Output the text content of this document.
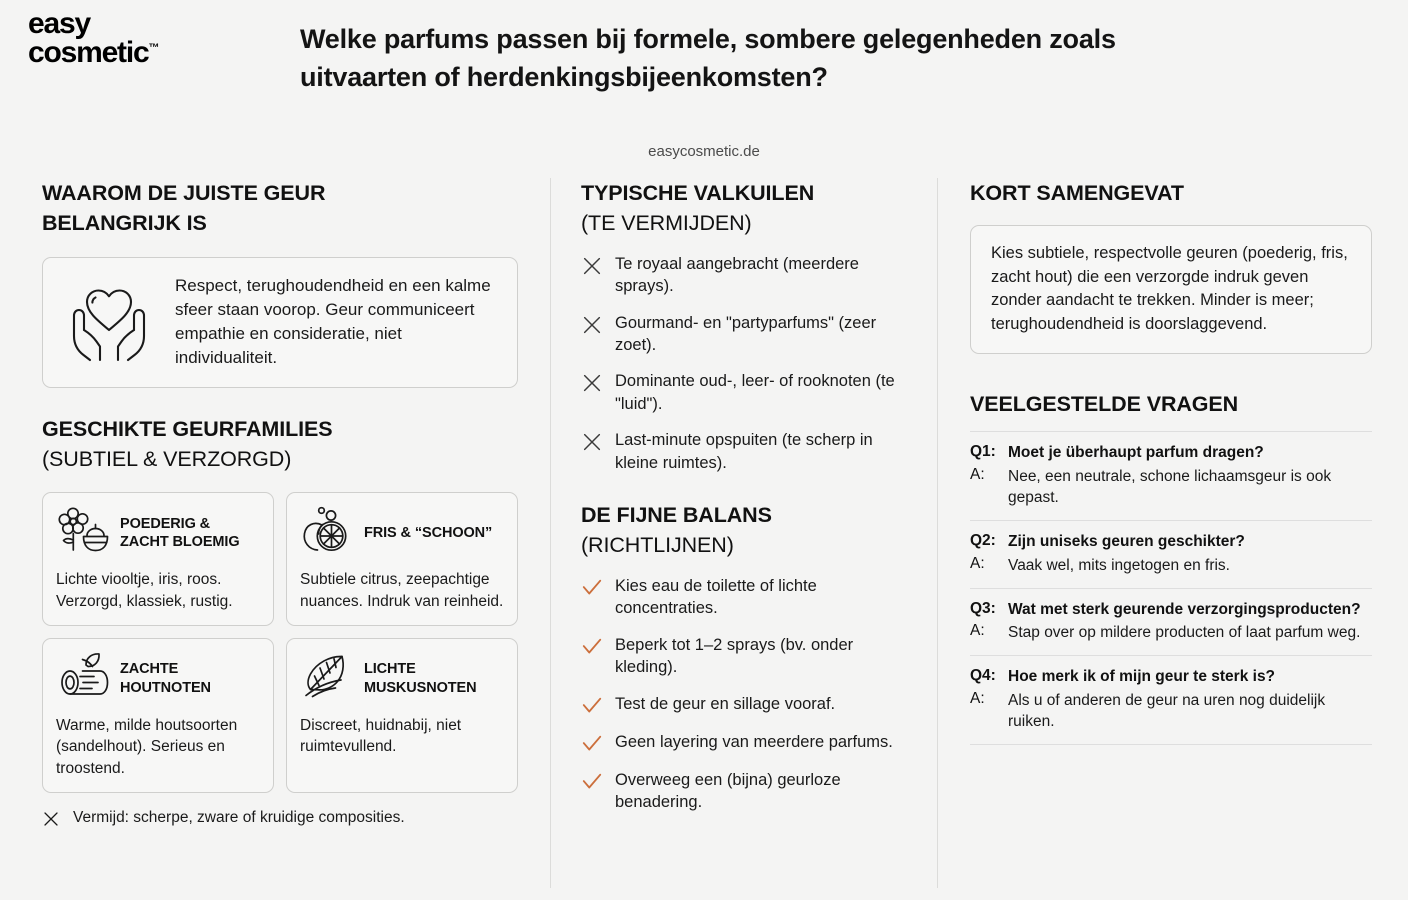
easy
cosmetic™	Welke parfums passen bij formele, sombere gelegenheden zoals uitvaarten of herdenkingsbijeenkomsten?
easycosmetic.de
WAAROM DE JUISTE GEUR
BELANGRIJK IS
Respect, terughoudendheid en een kalme sfeer staan voorop. Geur communiceert empathie en consideratie, niet individualiteit.
GESCHIKTE GEURFAMILIES
(SUBTIEL & VERZORGD)
POEDERIG & ZACHT BLOEMIG
Lichte viooltje, iris, roos. Verzorgd, klassiek, rustig.
FRIS & “SCHOON”
Subtiele citrus, zeepachtige nuances. Indruk van reinheid.
ZACHTE HOUTNOTEN
Warme, milde houtsoorten (sandelhout). Serieus en troostend.
LICHTE MUSKUSNOTEN
Discreet, huidnabij, niet ruimtevullend.
Vermijd: scherpe, zware of kruidige composities.
TYPISCHE VALKUILEN
(TE VERMIJDEN)
Te royaal aangebracht (meerdere sprays).
Gourmand- en "partyparfums" (zeer zoet).
Dominante oud-, leer- of rooknoten (te "luid").
Last-minute opspuiten (te scherp in kleine ruimtes).
DE FIJNE BALANS
(RICHTLIJNEN)
Kies eau de toilette of lichte concentraties.
Beperk tot 1–2 sprays (bv. onder kleding).
Test de geur en sillage vooraf.
Geen layering van meerdere parfums.
Overweeg een (bijna) geurloze benadering.
KORT SAMENGEVAT
Kies subtiele, respectvolle geuren (poederig, fris, zacht hout) die een verzorgde indruk geven zonder aandacht te trekken. Minder is meer; terughoudendheid is doorslaggevend.
VEELGESTELDE VRAGEN
Q1: Moet je überhaupt parfum dragen?
A:	Nee, een neutrale, schone lichaamsgeur is ook gepast.
Q2: Zijn uniseks geuren geschikter?
A:	Vaak wel, mits ingetogen en fris.
Q3: Wat met sterk geurende verzorgingsproducten?
A:	Stap over op mildere producten of laat parfum weg.
Q4: Hoe merk ik of mijn geur te sterk is?
A:	Als u of anderen de geur na uren nog duidelijk ruiken.
